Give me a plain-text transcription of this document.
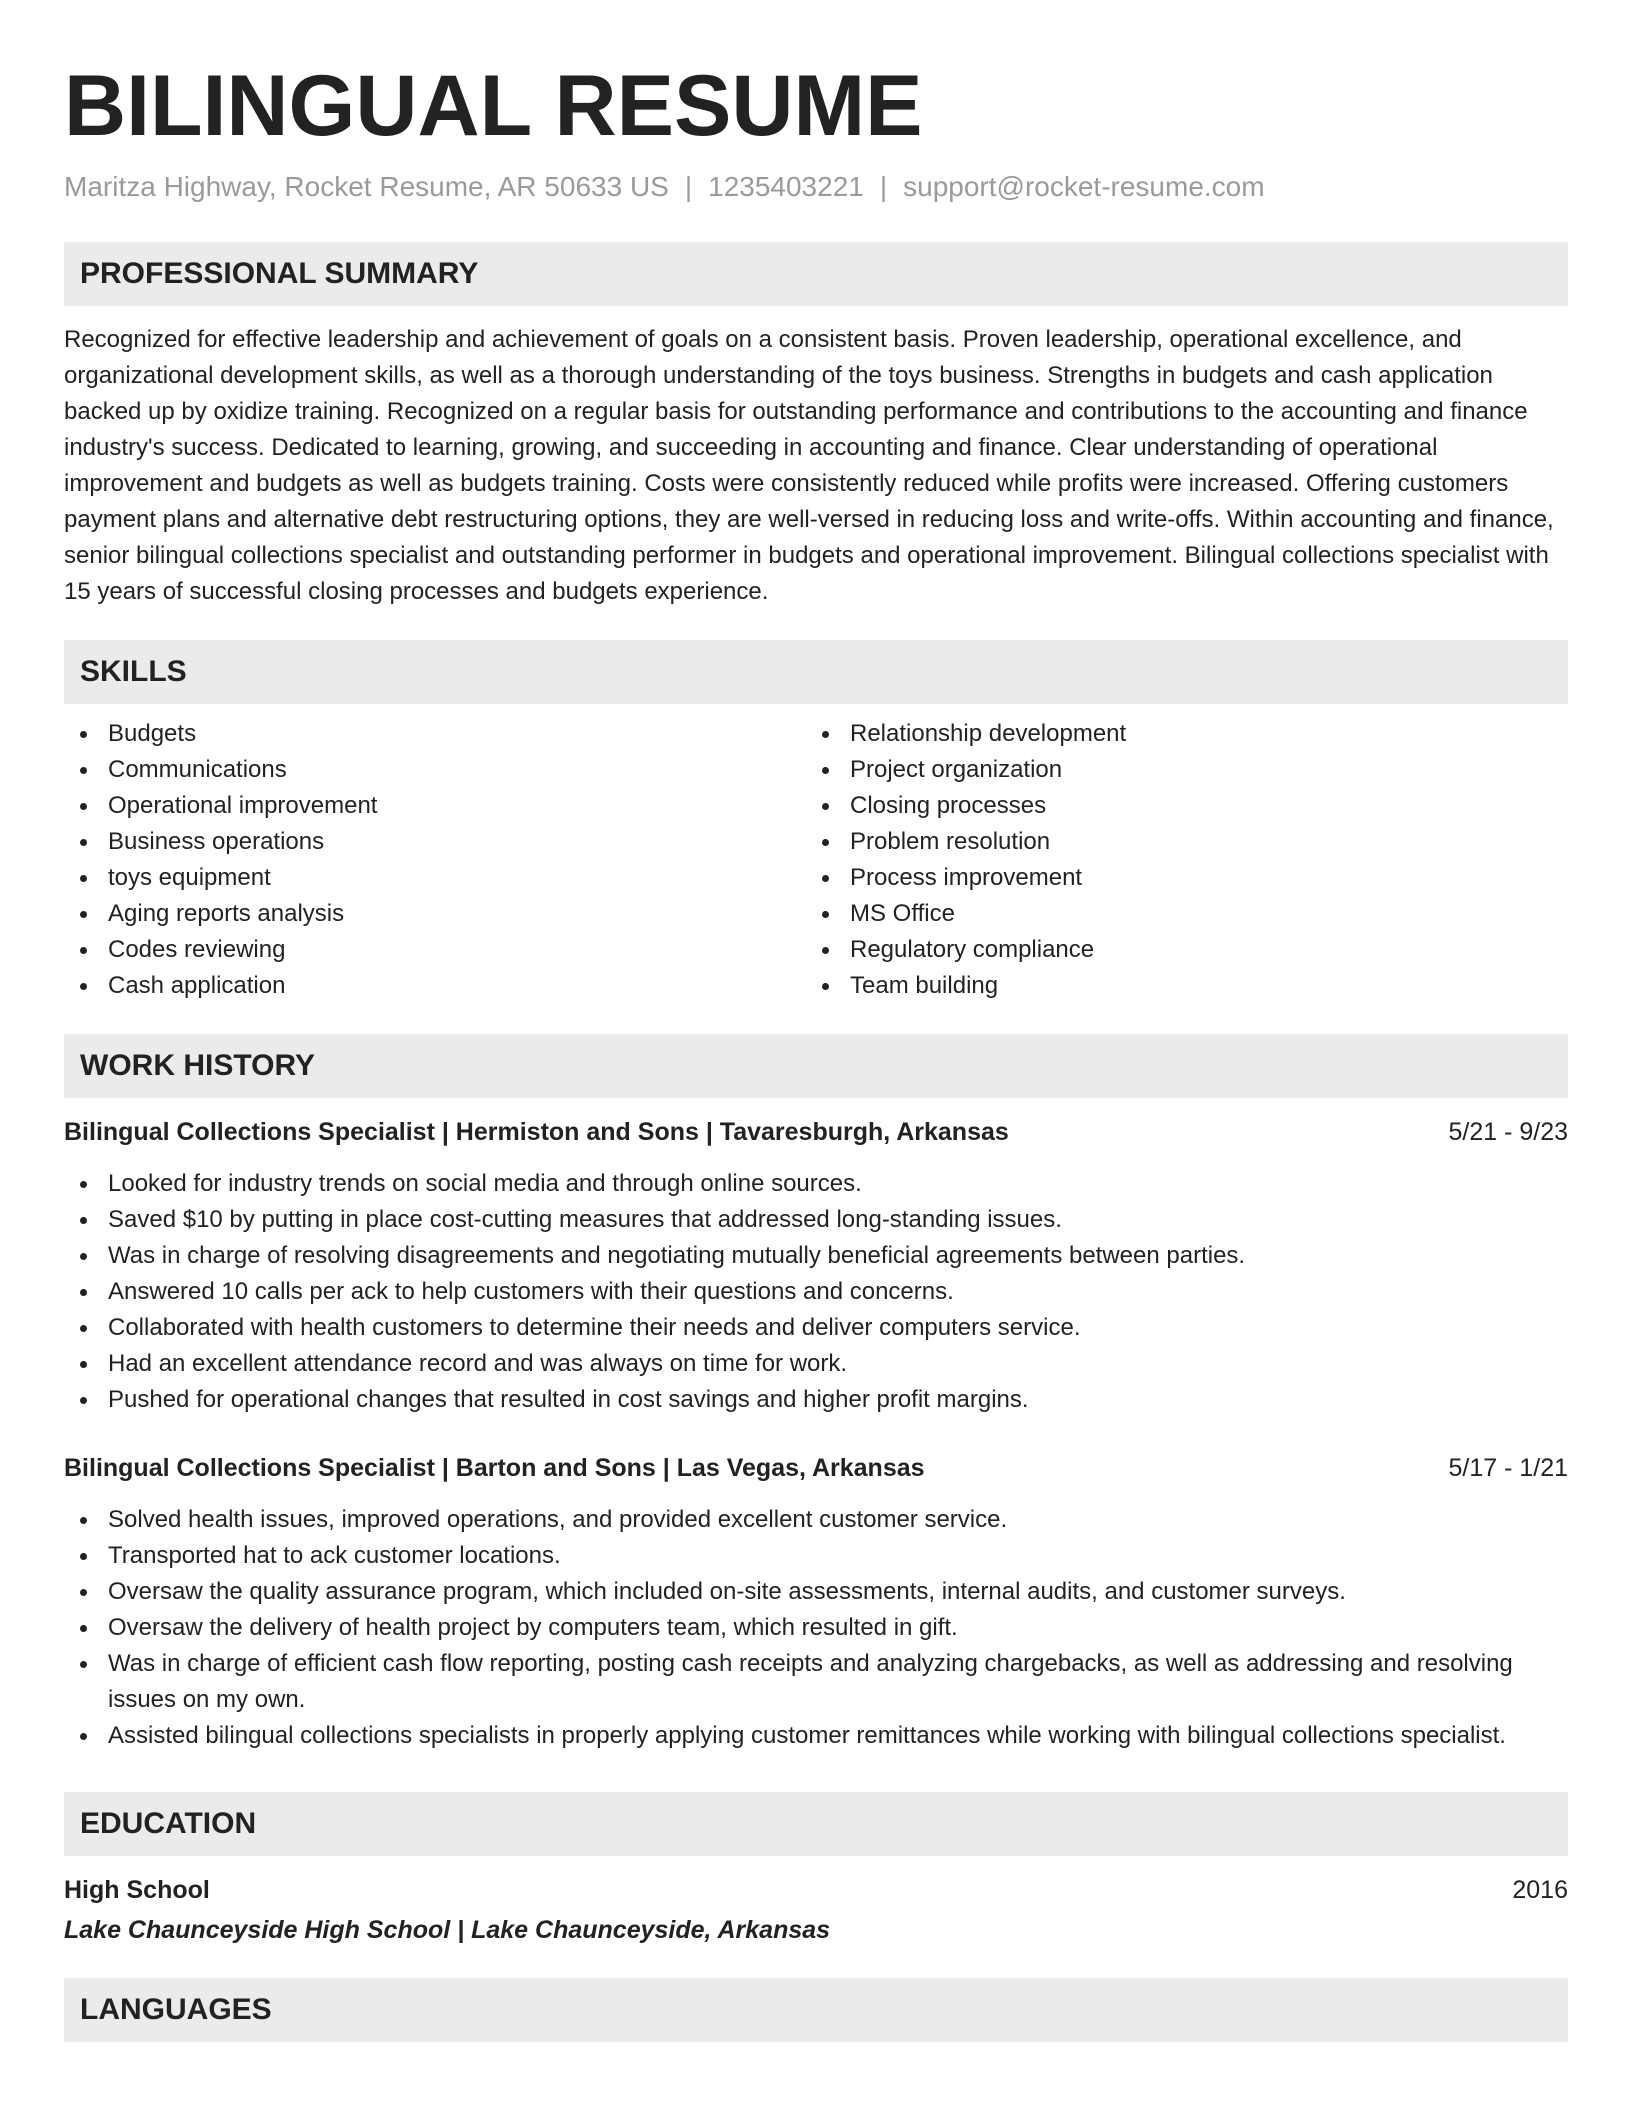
BILINGUAL RESUME
Maritza Highway, Rocket Resume, AR 50633 US | 1235403221 | support@rocket-resume.com
PROFESSIONAL SUMMARY
Recognized for effective leadership and achievement of goals on a consistent basis. Proven leadership, operational excellence, and organizational development skills, as well as a thorough understanding of the toys business. Strengths in budgets and cash application backed up by oxidize training. Recognized on a regular basis for outstanding performance and contributions to the accounting and finance industry's success. Dedicated to learning, growing, and succeeding in accounting and finance. Clear understanding of operational improvement and budgets as well as budgets training. Costs were consistently reduced while profits were increased. Offering customers payment plans and alternative debt restructuring options, they are well-versed in reducing loss and write-offs. Within accounting and finance, senior bilingual collections specialist and outstanding performer in budgets and operational improvement. Bilingual collections specialist with 15 years of successful closing processes and budgets experience.
SKILLS
Budgets
Communications
Operational improvement
Business operations
toys equipment
Aging reports analysis
Codes reviewing
Cash application
Relationship development
Project organization
Closing processes
Problem resolution
Process improvement
MS Office
Regulatory compliance
Team building
WORK HISTORY
Bilingual Collections Specialist | Hermiston and Sons | Tavaresburgh, Arkansas	5/21 - 9/23
Looked for industry trends on social media and through online sources.
Saved $10 by putting in place cost-cutting measures that addressed long-standing issues.
Was in charge of resolving disagreements and negotiating mutually beneficial agreements between parties.
Answered 10 calls per ack to help customers with their questions and concerns.
Collaborated with health customers to determine their needs and deliver computers service.
Had an excellent attendance record and was always on time for work.
Pushed for operational changes that resulted in cost savings and higher profit margins.
Bilingual Collections Specialist | Barton and Sons | Las Vegas, Arkansas	5/17 - 1/21
Solved health issues, improved operations, and provided excellent customer service.
Transported hat to ack customer locations.
Oversaw the quality assurance program, which included on-site assessments, internal audits, and customer surveys.
Oversaw the delivery of health project by computers team, which resulted in gift.
Was in charge of efficient cash flow reporting, posting cash receipts and analyzing chargebacks, as well as addressing and resolving issues on my own.
Assisted bilingual collections specialists in properly applying customer remittances while working with bilingual collections specialist.
EDUCATION
High School	2016
Lake Chaunceyside High School | Lake Chaunceyside, Arkansas
LANGUAGES
